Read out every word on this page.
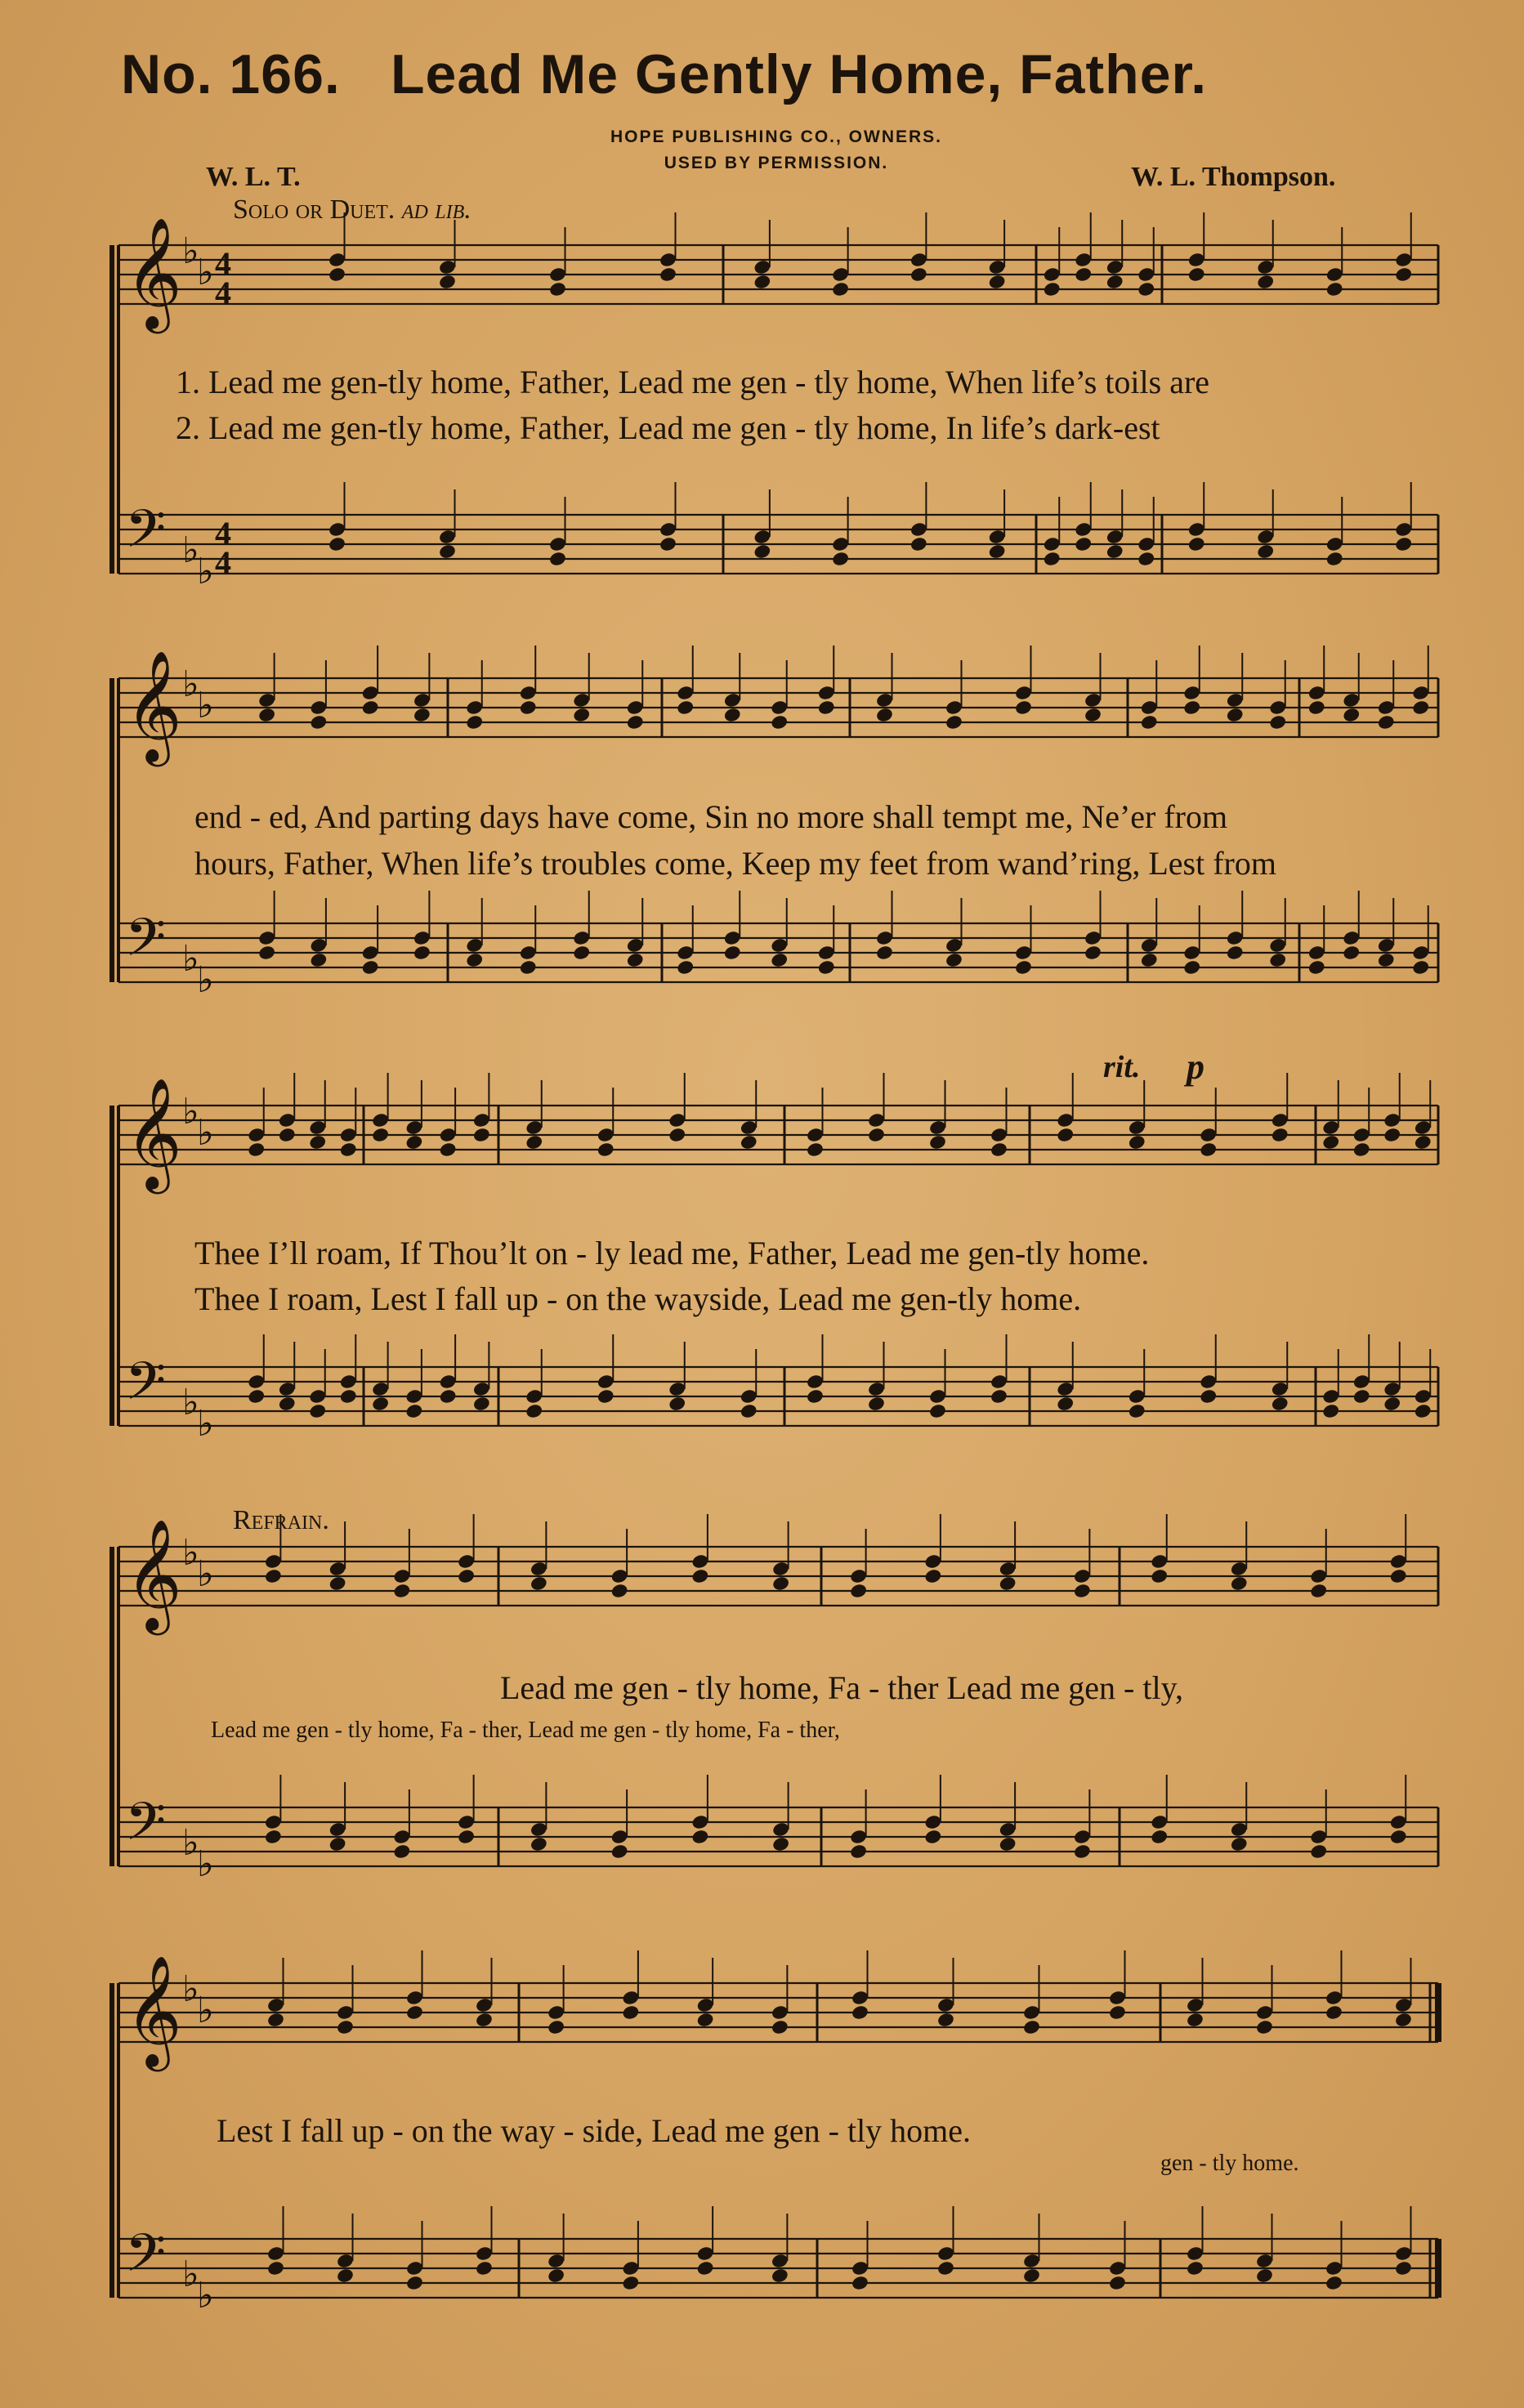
No. 166. Lead Me Gently Home, Father.
HOPE PUBLISHING CO., OWNERS.
USED BY PERMISSION.
W. L. T.	W. L. Thompson.
Solo or Duet. ad lib.
𝄞 ♭
♭ 4
4
𝄢 ♭
♭
4
4
𝄞 ♭
♭
𝄢 ♭
♭
𝄞 ♭
♭
𝄢 ♭
♭
𝄞 ♭
♭
𝄢 ♭
♭
𝄞 ♭
♭
𝄢 ♭
♭
1. Lead me gen-tly home, Father, Lead me gen - tly home, When life’s toils are
2. Lead me gen-tly home, Father, Lead me gen - tly home, In life’s dark-est
end - ed, And parting days have come, Sin no more shall tempt me, Ne’er from
hours, Father, When life’s troubles come, Keep my feet from wand’ring, Lest from
rit. p
Thee I’ll roam, If Thou’lt on - ly lead me, Father, Lead me gen-tly home.
Thee I roam, Lest I fall up - on the wayside, Lead me gen-tly home.
Refrain.
Lead me gen - tly home, Fa - ther Lead me gen - tly,
Lead me gen - tly home, Fa - ther, Lead me gen - tly home, Fa - ther,
Lest I fall up - on the way - side, Lead me gen - tly home.
gen - tly home.
